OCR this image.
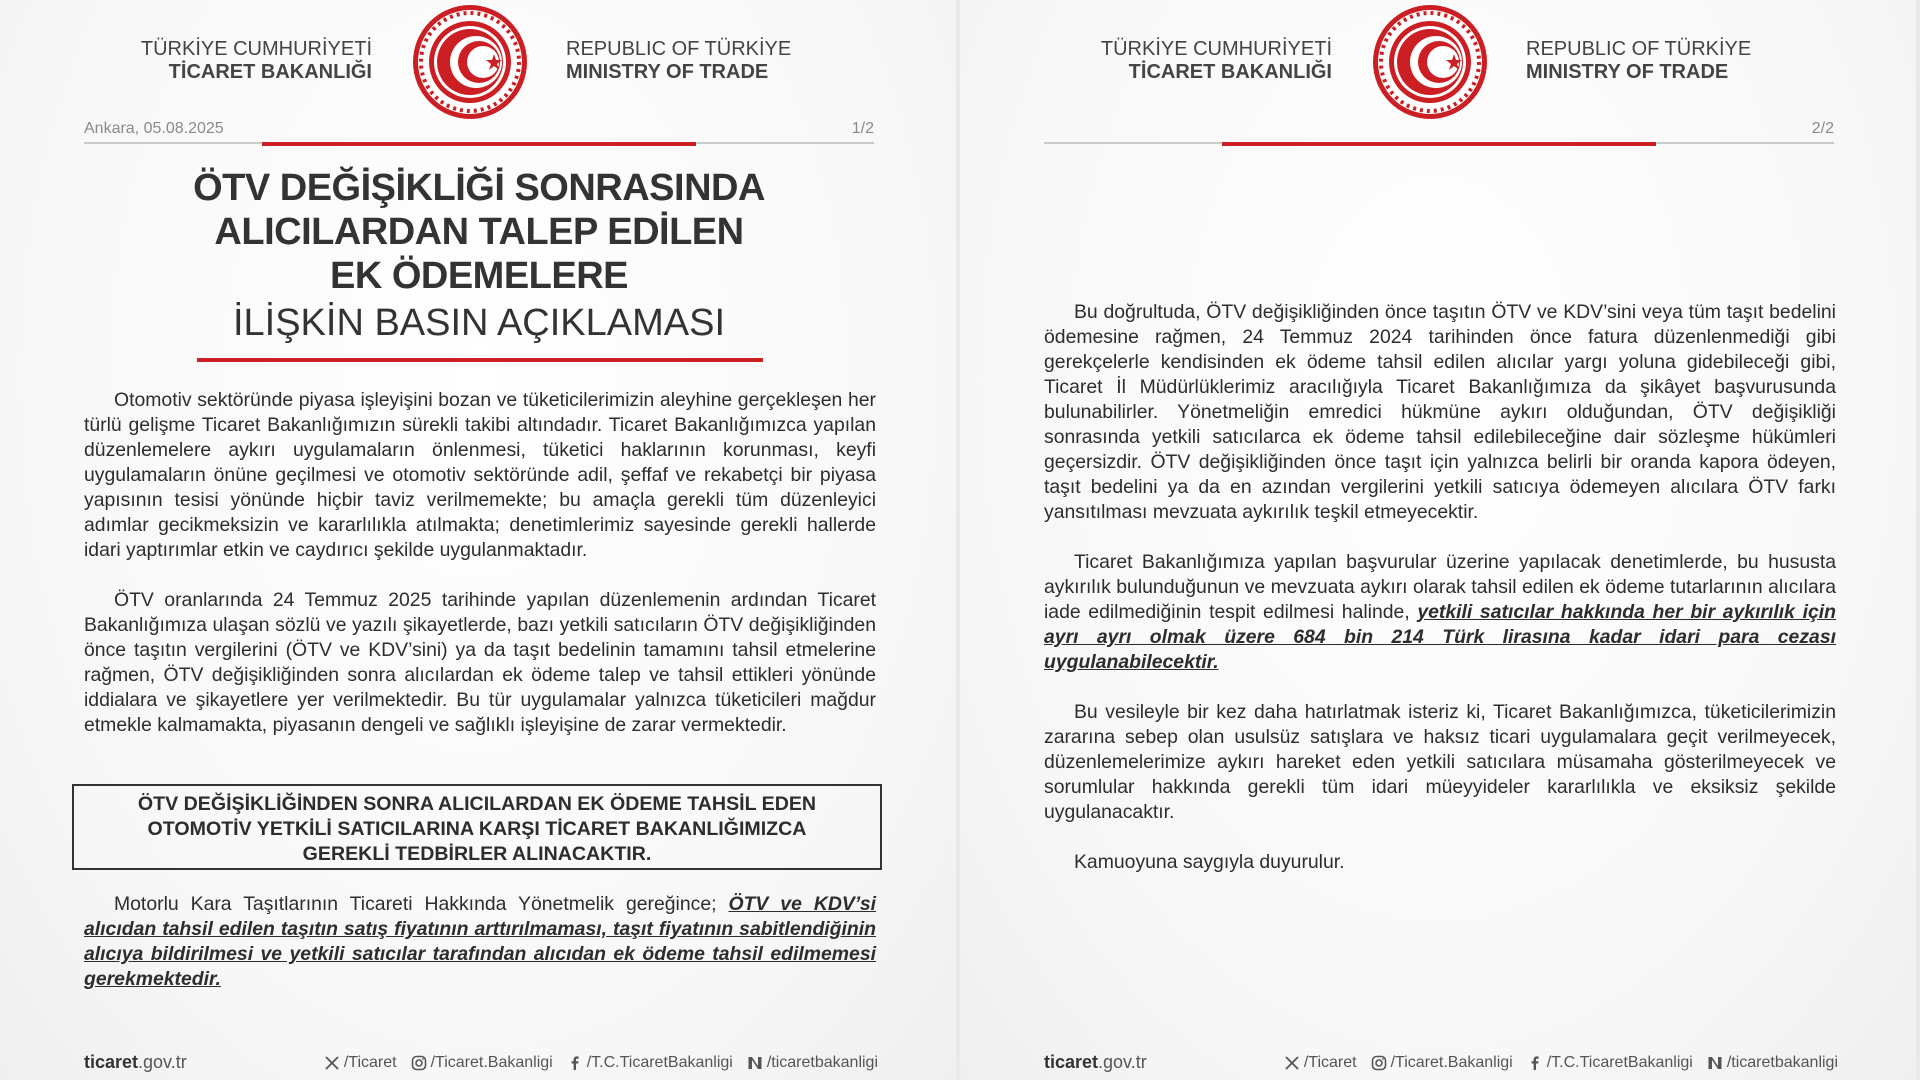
TÜRKİYE CUMHURİYETİ
TİCARET BAKANLIĞI
REPUBLIC OF TÜRKİYE
MINISTRY OF TRADE
Ankara, 05.08.2025	1/2
ÖTV DEĞİŞİKLİĞİ SONRASINDA
ALICILARDAN TALEP EDİLEN
EK ÖDEMELERE
İLİŞKİN BASIN AÇIKLAMASI

Otomotiv sektöründe piyasa işleyişini bozan ve tüketicilerimizin aleyhine gerçekleşen her türlü gelişme Ticaret Bakanlığımızın sürekli takibi altındadır. Ticaret Bakanlığımızca yapılan düzenlemelere aykırı uygulamaların önlenmesi, tüketici haklarının korunması, keyfi uygulamaların önüne geçilmesi ve otomotiv sektöründe adil, şeffaf ve rekabetçi bir piyasa yapısının tesisi yönünde hiçbir taviz verilmemekte; bu amaçla gerekli tüm düzenleyici adımlar gecikmeksizin ve kararlılıkla atılmakta; denetimlerimiz sayesinde gerekli hallerde idari yaptırımlar etkin ve caydırıcı şekilde uygulanmaktadır.

ÖTV oranlarında 24 Temmuz 2025 tarihinde yapılan düzenlemenin ardından Ticaret Bakanlığımıza ulaşan sözlü ve yazılı şikayetlerde, bazı yetkili satıcıların ÖTV değişikliğinden önce taşıtın vergilerini (ÖTV ve KDV’sini) ya da taşıt bedelinin tamamını tahsil etmelerine rağmen, ÖTV değişikliğinden sonra alıcılardan ek ödeme talep ve tahsil ettikleri yönünde iddialara ve şikayetlere yer verilmektedir. Bu tür uygulamalar yalnızca tüketicileri mağdur etmekle kalmamakta, piyasanın dengeli ve sağlıklı işleyişine de zarar vermektedir.

ÖTV DEĞİŞİKLİĞİNDEN SONRA ALICILARDAN EK ÖDEME TAHSİL EDEN
OTOMOTİV YETKİLİ SATICILARINA KARŞI TİCARET BAKANLIĞIMIZCA
GEREKLİ TEDBİRLER ALINACAKTIR.

Motorlu Kara Taşıtlarının Ticareti Hakkında Yönetmelik gereğince; ÖTV ve KDV’si alıcıdan tahsil edilen taşıtın satış fiyatının arttırılmaması, taşıt fiyatının sabitlendiğinin alıcıya bildirilmesi ve yetkili satıcılar tarafından alıcıdan ek ödeme tahsil edilmemesi gerekmektedir.

ticaret.gov.tr	/Ticaret /Ticaret.Bakanligi /T.C.TicaretBakanligi /ticaretbakanligi
TÜRKİYE CUMHURİYETİ
TİCARET BAKANLIĞI
REPUBLIC OF TÜRKİYE
MINISTRY OF TRADE
2/2

Bu doğrultuda, ÖTV değişikliğinden önce taşıtın ÖTV ve KDV’sini veya tüm taşıt bedelini ödemesine rağmen, 24 Temmuz 2024 tarihinden önce fatura düzenlenmediği gibi gerekçelerle kendisinden ek ödeme tahsil edilen alıcılar yargı yoluna gidebileceği gibi, Ticaret İl Müdürlüklerimiz aracılığıyla Ticaret Bakanlığımıza da şikâyet başvurusunda bulunabilirler. Yönetmeliğin emredici hükmüne aykırı olduğundan, ÖTV değişikliği sonrasında yetkili satıcılarca ek ödeme tahsil edilebileceğine dair sözleşme hükümleri geçersizdir. ÖTV değişikliğinden önce taşıt için yalnızca belirli bir oranda kapora ödeyen, taşıt bedelini ya da en azından vergilerini yetkili satıcıya ödemeyen alıcılara ÖTV farkı yansıtılması mevzuata aykırılık teşkil etmeyecektir.

Ticaret Bakanlığımıza yapılan başvurular üzerine yapılacak denetimlerde, bu hususta aykırılık bulunduğunun ve mevzuata aykırı olarak tahsil edilen ek ödeme tutarlarının alıcılara iade edilmediğinin tespit edilmesi halinde, yetkili satıcılar hakkında her bir aykırılık için ayrı ayrı olmak üzere 684 bin 214 Türk lirasına kadar idari para cezası uygulanabilecektir.

Bu vesileyle bir kez daha hatırlatmak isteriz ki, Ticaret Bakanlığımızca, tüketicilerimizin zararına sebep olan usulsüz satışlara ve haksız ticari uygulamalara geçit verilmeyecek, düzenlemelerimize aykırı hareket eden yetkili satıcılara müsamaha gösterilmeyecek ve sorumlular hakkında gerekli tüm idari müeyyideler kararlılıkla ve eksiksiz şekilde uygulanacaktır.

Kamuoyuna saygıyla duyurulur.

ticaret.gov.tr	/Ticaret /Ticaret.Bakanligi /T.C.TicaretBakanligi /ticaretbakanligi
